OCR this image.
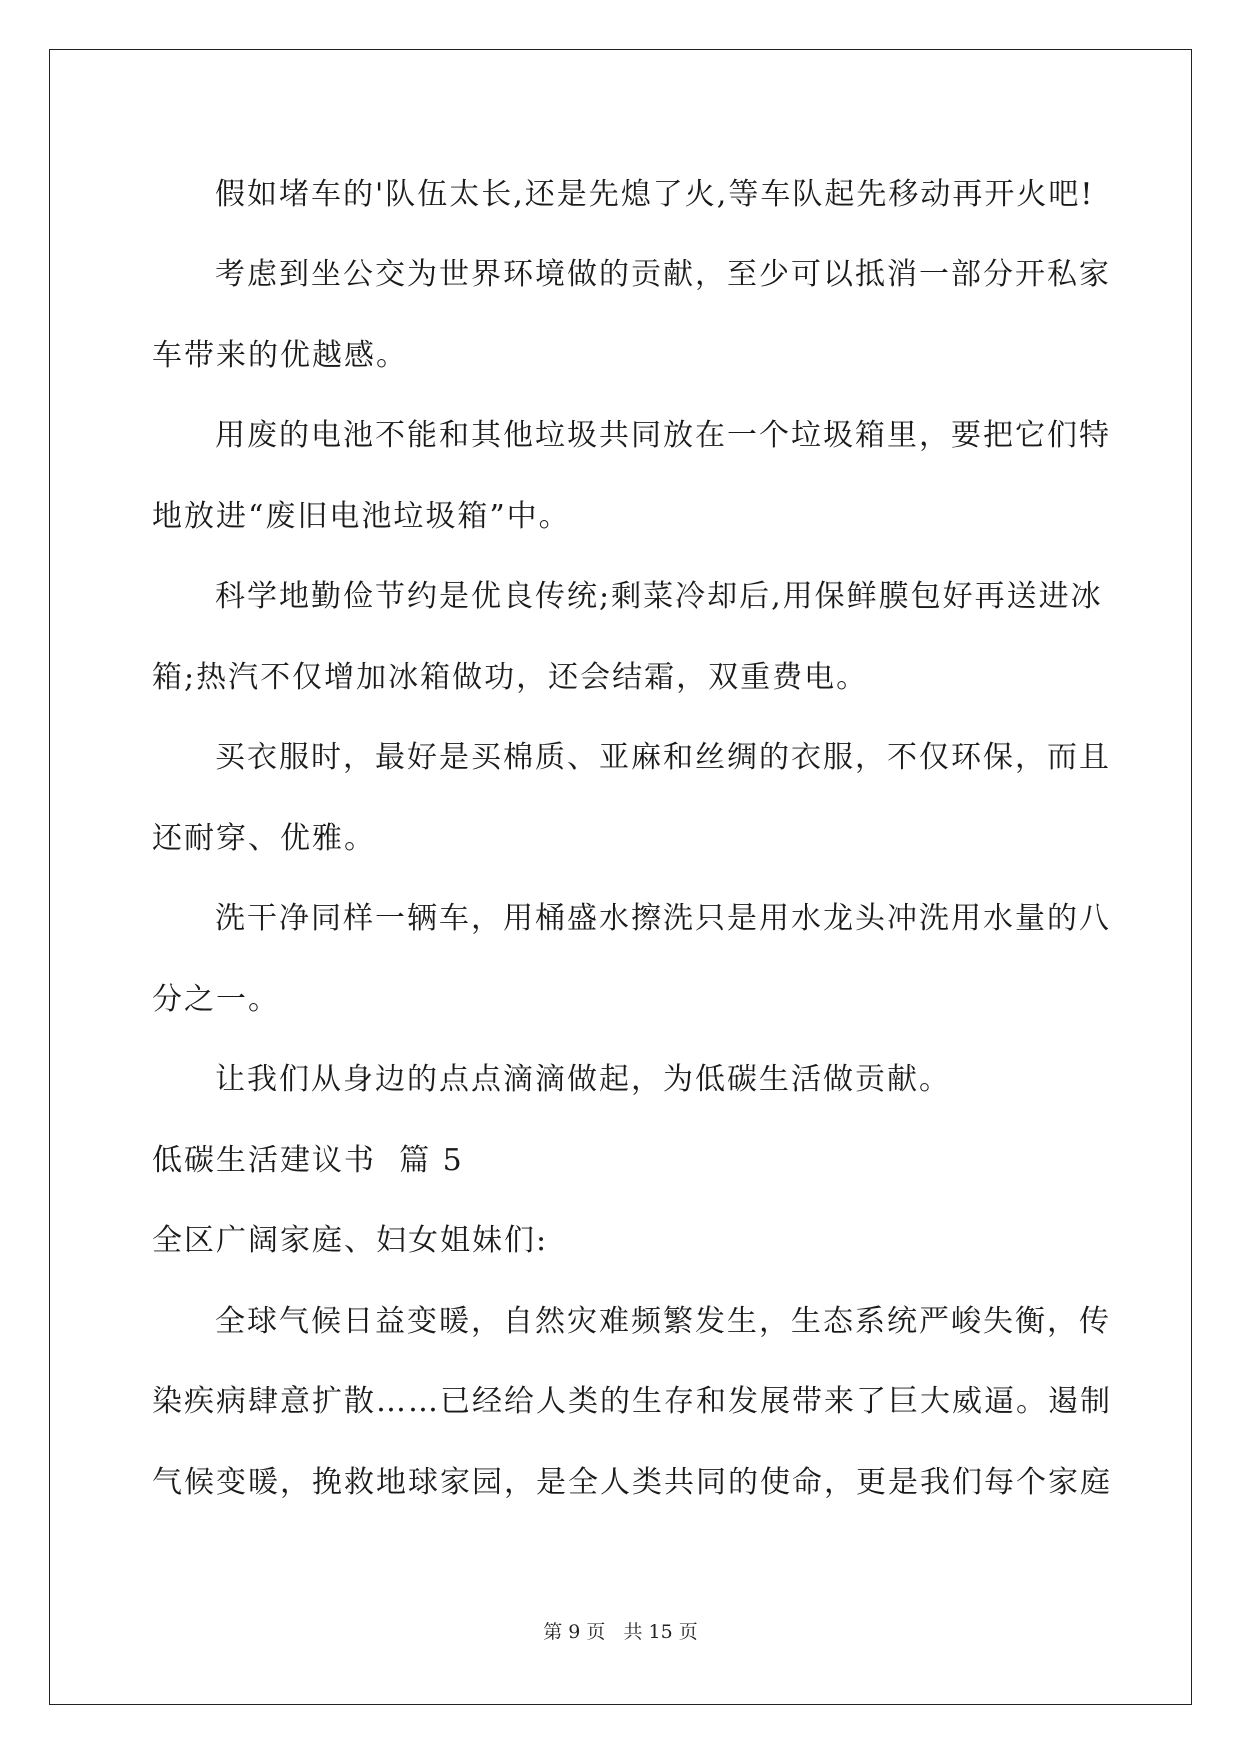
假如堵车的'队伍太长,还是先熄了火,等车队起先移动再开火吧!
考虑到坐公交为世界环境做的贡献，至少可以抵消一部分开私家
车带来的优越感。
用废的电池不能和其他垃圾共同放在一个垃圾箱里，要把它们特
地放进“废旧电池垃圾箱”中。
科学地勤俭节约是优良传统;剩菜冷却后,用保鲜膜包好再送进冰
箱;热汽不仅增加冰箱做功，还会结霜，双重费电。
买衣服时，最好是买棉质、亚麻和丝绸的衣服，不仅环保，而且
还耐穿、优雅。
洗干净同样一辆车，用桶盛水擦洗只是用水龙头冲洗用水量的八
分之一。
让我们从身边的点点滴滴做起，为低碳生活做贡献。
低碳生活建议书  篇 5
全区广阔家庭、妇女姐妹们:
全球气候日益变暖，自然灾难频繁发生，生态系统严峻失衡，传
染疾病肆意扩散……已经给人类的生存和发展带来了巨大威逼。遏制
气候变暖，挽救地球家园，是全人类共同的使命，更是我们每个家庭
第 9 页 共 15 页
